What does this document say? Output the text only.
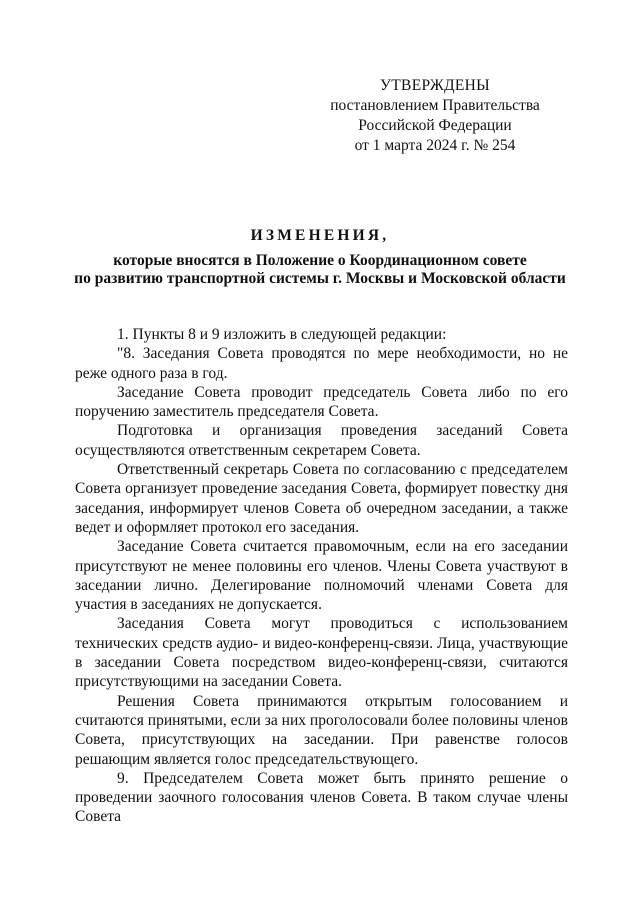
УТВЕРЖДЕНЫ
постановлением Правительства
Российской Федерации
от 1 марта 2024 г. № 254
ИЗМЕНЕНИЯ,
которые вносятся в Положение о Координационном совете
по развитию транспортной системы г. Москвы и Московской области

1. Пункты 8 и 9 изложить в следующей редакции:

"8. Заседания Совета проводятся по мере необходимости, но не реже одного раза в год.

Заседание Совета проводит председатель Совета либо по его поручению заместитель председателя Совета.

Подготовка и организация проведения заседаний Совета осуществляются ответственным секретарем Совета.

Ответственный секретарь Совета по согласованию с председателем Совета организует проведение заседания Совета, формирует повестку дня заседания, информирует членов Совета об очередном заседании, а также ведет и оформляет протокол его заседания.

Заседание Совета считается правомочным, если на его заседании присутствуют не менее половины его членов. Члены Совета участвуют в заседании лично. Делегирование полномочий членами Совета для участия в заседаниях не допускается.

Заседания Совета могут проводиться с использованием технических средств аудио- и видео-конференц-связи. Лица, участвующие в заседании Совета посредством видео-конференц-связи, считаются присутствующими на заседании Совета.

Решения Совета принимаются открытым голосованием и считаются принятыми, если за них проголосовали более половины членов Совета, присутствующих на заседании. При равенстве голосов решающим является голос председательствующего.

9. Председателем Совета может быть принято решение о проведении заочного голосования членов Совета. В таком случае члены Совета
